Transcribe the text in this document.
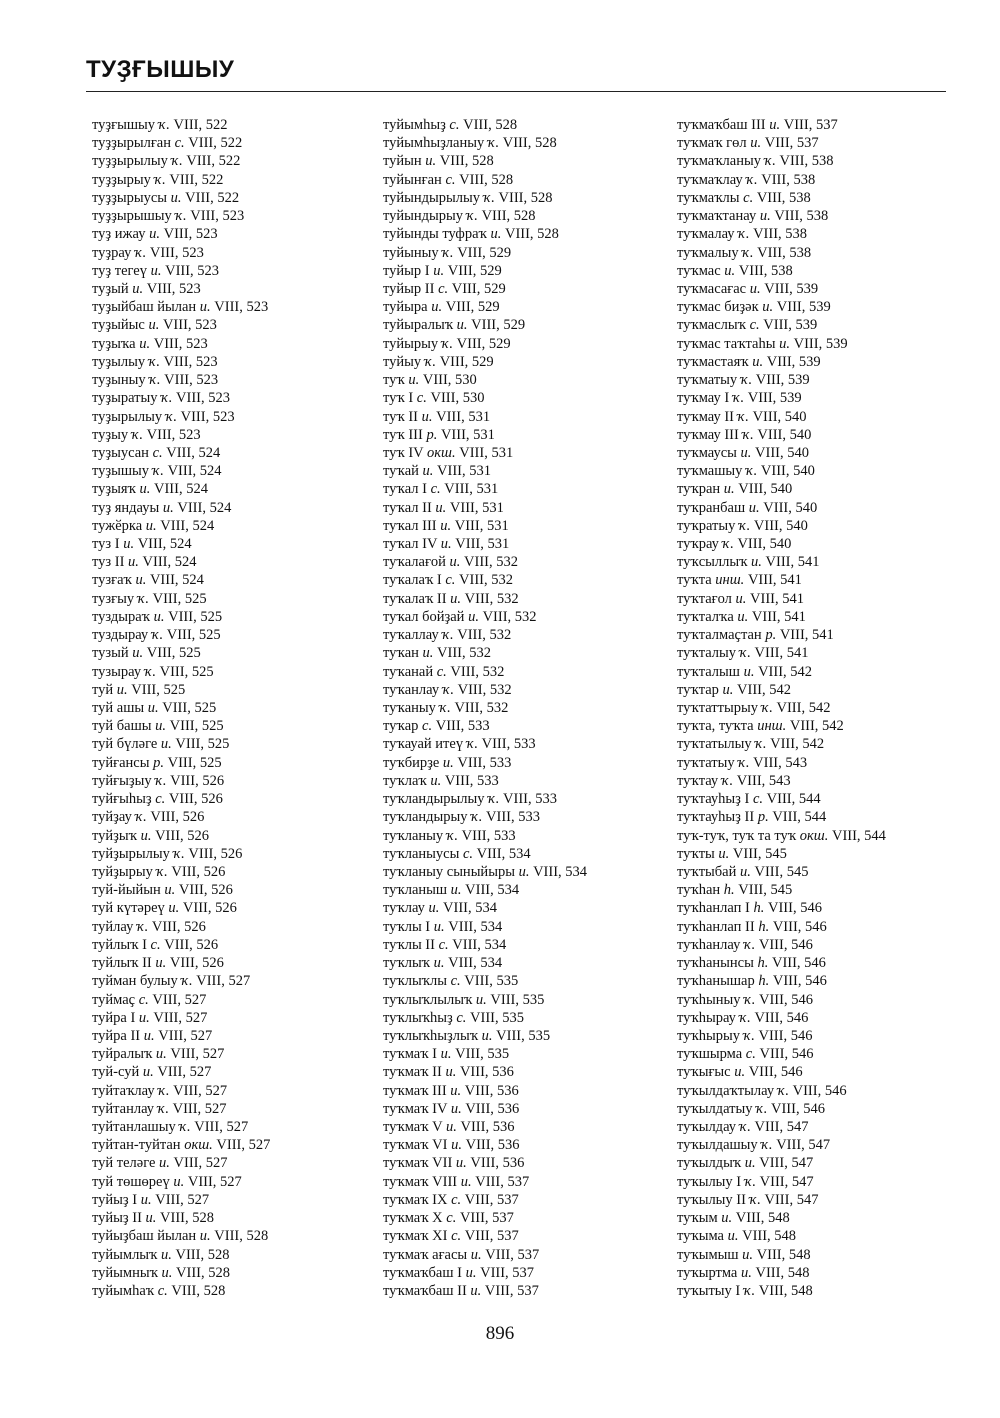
ТУҘҒЫШЫУ
туҙғышыу ҡ. VIII, 522
туҙҙырылған с. VIII, 522
туҙҙырылыу ҡ. VIII, 522
туҙҙырыу ҡ. VIII, 522
туҙҙырыусы и. VIII, 522
туҙҙырышыу ҡ. VIII, 523
туҙ ижау и. VIII, 523
туҙрау ҡ. VIII, 523
туҙ тегеү и. VIII, 523
туҙый и. VIII, 523
туҙыйбаш йылан и. VIII, 523
туҙыйыс и. VIII, 523
туҙыҡа и. VIII, 523
туҙылыу ҡ. VIII, 523
туҙыныу ҡ. VIII, 523
туҙыратыу ҡ. VIII, 523
туҙырылыу ҡ. VIII, 523
туҙыу ҡ. VIII, 523
туҙыусан с. VIII, 524
туҙышыу ҡ. VIII, 524
туҙыяҡ и. VIII, 524
туҙ яндауы и. VIII, 524
тужӗрка и. VIII, 524
туз I и. VIII, 524
туз II и. VIII, 524
тузғаҡ и. VIII, 524
тузғыу ҡ. VIII, 525
туздыраҡ и. VIII, 525
туздырау ҡ. VIII, 525
тузый и. VIII, 525
тузырау ҡ. VIII, 525
туй и. VIII, 525
туй ашы и. VIII, 525
туй башы и. VIII, 525
туй бүләге и. VIII, 525
туйғансы р. VIII, 525
туйғыҙыу ҡ. VIII, 526
туйғыһыҙ с. VIII, 526
туйҙау ҡ. VIII, 526
туйҙыҡ и. VIII, 526
туйҙырылыу ҡ. VIII, 526
туйҙырыу ҡ. VIII, 526
туй-йыйын и. VIII, 526
туй күтәреү и. VIII, 526
туйлау ҡ. VIII, 526
туйлыҡ I с. VIII, 526
туйлыҡ II и. VIII, 526
туйман булыу ҡ. VIII, 527
туймаҫ с. VIII, 527
туйра I и. VIII, 527
туйра II и. VIII, 527
туйралыҡ и. VIII, 527
туй-суй и. VIII, 527
туйтаҡлау ҡ. VIII, 527
туйтанлау ҡ. VIII, 527
туйтанлашыу ҡ. VIII, 527
туйтан-туйтан окш. VIII, 527
туй теләге и. VIII, 527
туй төшөреү и. VIII, 527
туйыҙ I и. VIII, 527
туйыҙ II и. VIII, 528
туйыҙбаш йылан и. VIII, 528
туйымлыҡ и. VIII, 528
туйымныҡ и. VIII, 528
туйымһаҡ с. VIII, 528
туйымһыҙ с. VIII, 528
туйымһыҙланыу ҡ. VIII, 528
туйын и. VIII, 528
туйынған с. VIII, 528
туйындырылыу ҡ. VIII, 528
туйындырыу ҡ. VIII, 528
туйынды туфраҡ и. VIII, 528
туйыныу ҡ. VIII, 529
туйыр I и. VIII, 529
туйыр II с. VIII, 529
туйыра и. VIII, 529
туйыралыҡ и. VIII, 529
туйырыу ҡ. VIII, 529
туйыу ҡ. VIII, 529
туҡ и. VIII, 530
туҡ I с. VIII, 530
туҡ II и. VIII, 531
туҡ III р. VIII, 531
туҡ IV окш. VIII, 531
туҡай и. VIII, 531
туҡал I с. VIII, 531
туҡал II и. VIII, 531
туҡал III и. VIII, 531
туҡал IV и. VIII, 531
туҡалағой и. VIII, 532
туҡалаҡ I с. VIII, 532
туҡалаҡ II и. VIII, 532
туҡал бойҙай и. VIII, 532
туҡаллау ҡ. VIII, 532
туҡан и. VIII, 532
туҡанай с. VIII, 532
туҡанлау ҡ. VIII, 532
туҡаныу ҡ. VIII, 532
туҡар с. VIII, 533
туҡауай итеү ҡ. VIII, 533
туҡбирҙе и. VIII, 533
туҡлаҡ и. VIII, 533
туҡландырылыу ҡ. VIII, 533
туҡландырыу ҡ. VIII, 533
туҡланыу ҡ. VIII, 533
туҡланыусы с. VIII, 534
туҡланыу сыныйыры и. VIII, 534
туҡланыш и. VIII, 534
туҡлау и. VIII, 534
туҡлы I и. VIII, 534
туҡлы II с. VIII, 534
туҡлыҡ и. VIII, 534
туҡлыҡлы с. VIII, 535
туҡлыҡлылыҡ и. VIII, 535
туҡлыҡһыҙ с. VIII, 535
туҡлыҡһыҙлыҡ и. VIII, 535
туҡмаҡ I и. VIII, 535
туҡмаҡ II и. VIII, 536
туҡмаҡ III и. VIII, 536
туҡмаҡ IV и. VIII, 536
туҡмаҡ V и. VIII, 536
туҡмаҡ VI и. VIII, 536
туҡмаҡ VII и. VIII, 536
туҡмаҡ VIII и. VIII, 537
туҡмаҡ IX с. VIII, 537
туҡмаҡ X с. VIII, 537
туҡмаҡ XI с. VIII, 537
туҡмаҡ ағасы и. VIII, 537
туҡмаҡбаш I и. VIII, 537
туҡмаҡбаш II и. VIII, 537
туҡмаҡбаш III и. VIII, 537
туҡмаҡ гөл и. VIII, 537
туҡмаҡланыу ҡ. VIII, 538
туҡмаҡлау ҡ. VIII, 538
туҡмаҡлы с. VIII, 538
туҡмаҡтанау и. VIII, 538
туҡмалау ҡ. VIII, 538
туҡмалыу ҡ. VIII, 538
туҡмас и. VIII, 538
туҡмасағас и. VIII, 539
туҡмас биҙәк и. VIII, 539
туҡмаслыҡ с. VIII, 539
туҡмас таҡтаһы и. VIII, 539
туҡмастаяҡ и. VIII, 539
туҡматыу ҡ. VIII, 539
туҡмау I ҡ. VIII, 539
туҡмау II ҡ. VIII, 540
туҡмау III ҡ. VIII, 540
туҡмаусы и. VIII, 540
туҡмашыу ҡ. VIII, 540
туҡран и. VIII, 540
туҡранбаш и. VIII, 540
туҡратыу ҡ. VIII, 540
туҡрау ҡ. VIII, 540
туҡсыллыҡ и. VIII, 541
туҡта инш. VIII, 541
туҡтағол и. VIII, 541
туҡталҡа и. VIII, 541
туҡталмаҫтан р. VIII, 541
туҡталыу ҡ. VIII, 541
туҡталыш и. VIII, 542
туҡтар и. VIII, 542
туҡтаттырыу ҡ. VIII, 542
туҡта, туҡта инш. VIII, 542
туҡтатылыу ҡ. VIII, 542
туҡтатыу ҡ. VIII, 543
туҡтау ҡ. VIII, 543
туҡтауһыҙ I с. VIII, 544
туҡтауһыҙ II р. VIII, 544
туҡ-туҡ, туҡ та туҡ окш. VIII, 544
туҡты и. VIII, 545
туҡтыбай и. VIII, 545
туҡһан һ. VIII, 545
туҡһанлап I һ. VIII, 546
туҡһанлап II һ. VIII, 546
туҡһанлау ҡ. VIII, 546
туҡһанынсы һ. VIII, 546
туҡһанышар һ. VIII, 546
туҡһыныу ҡ. VIII, 546
туҡһырау ҡ. VIII, 546
туҡһырыу ҡ. VIII, 546
туҡшырма с. VIII, 546
туҡығыс и. VIII, 546
туҡылдаҡтылау ҡ. VIII, 546
туҡылдатыу ҡ. VIII, 546
туҡылдау ҡ. VIII, 547
туҡылдашыу ҡ. VIII, 547
туҡылдыҡ и. VIII, 547
туҡылыу I ҡ. VIII, 547
туҡылыу II ҡ. VIII, 547
туҡым и. VIII, 548
туҡыма и. VIII, 548
туҡымыш и. VIII, 548
туҡыртма и. VIII, 548
туҡытыу I ҡ. VIII, 548
896
